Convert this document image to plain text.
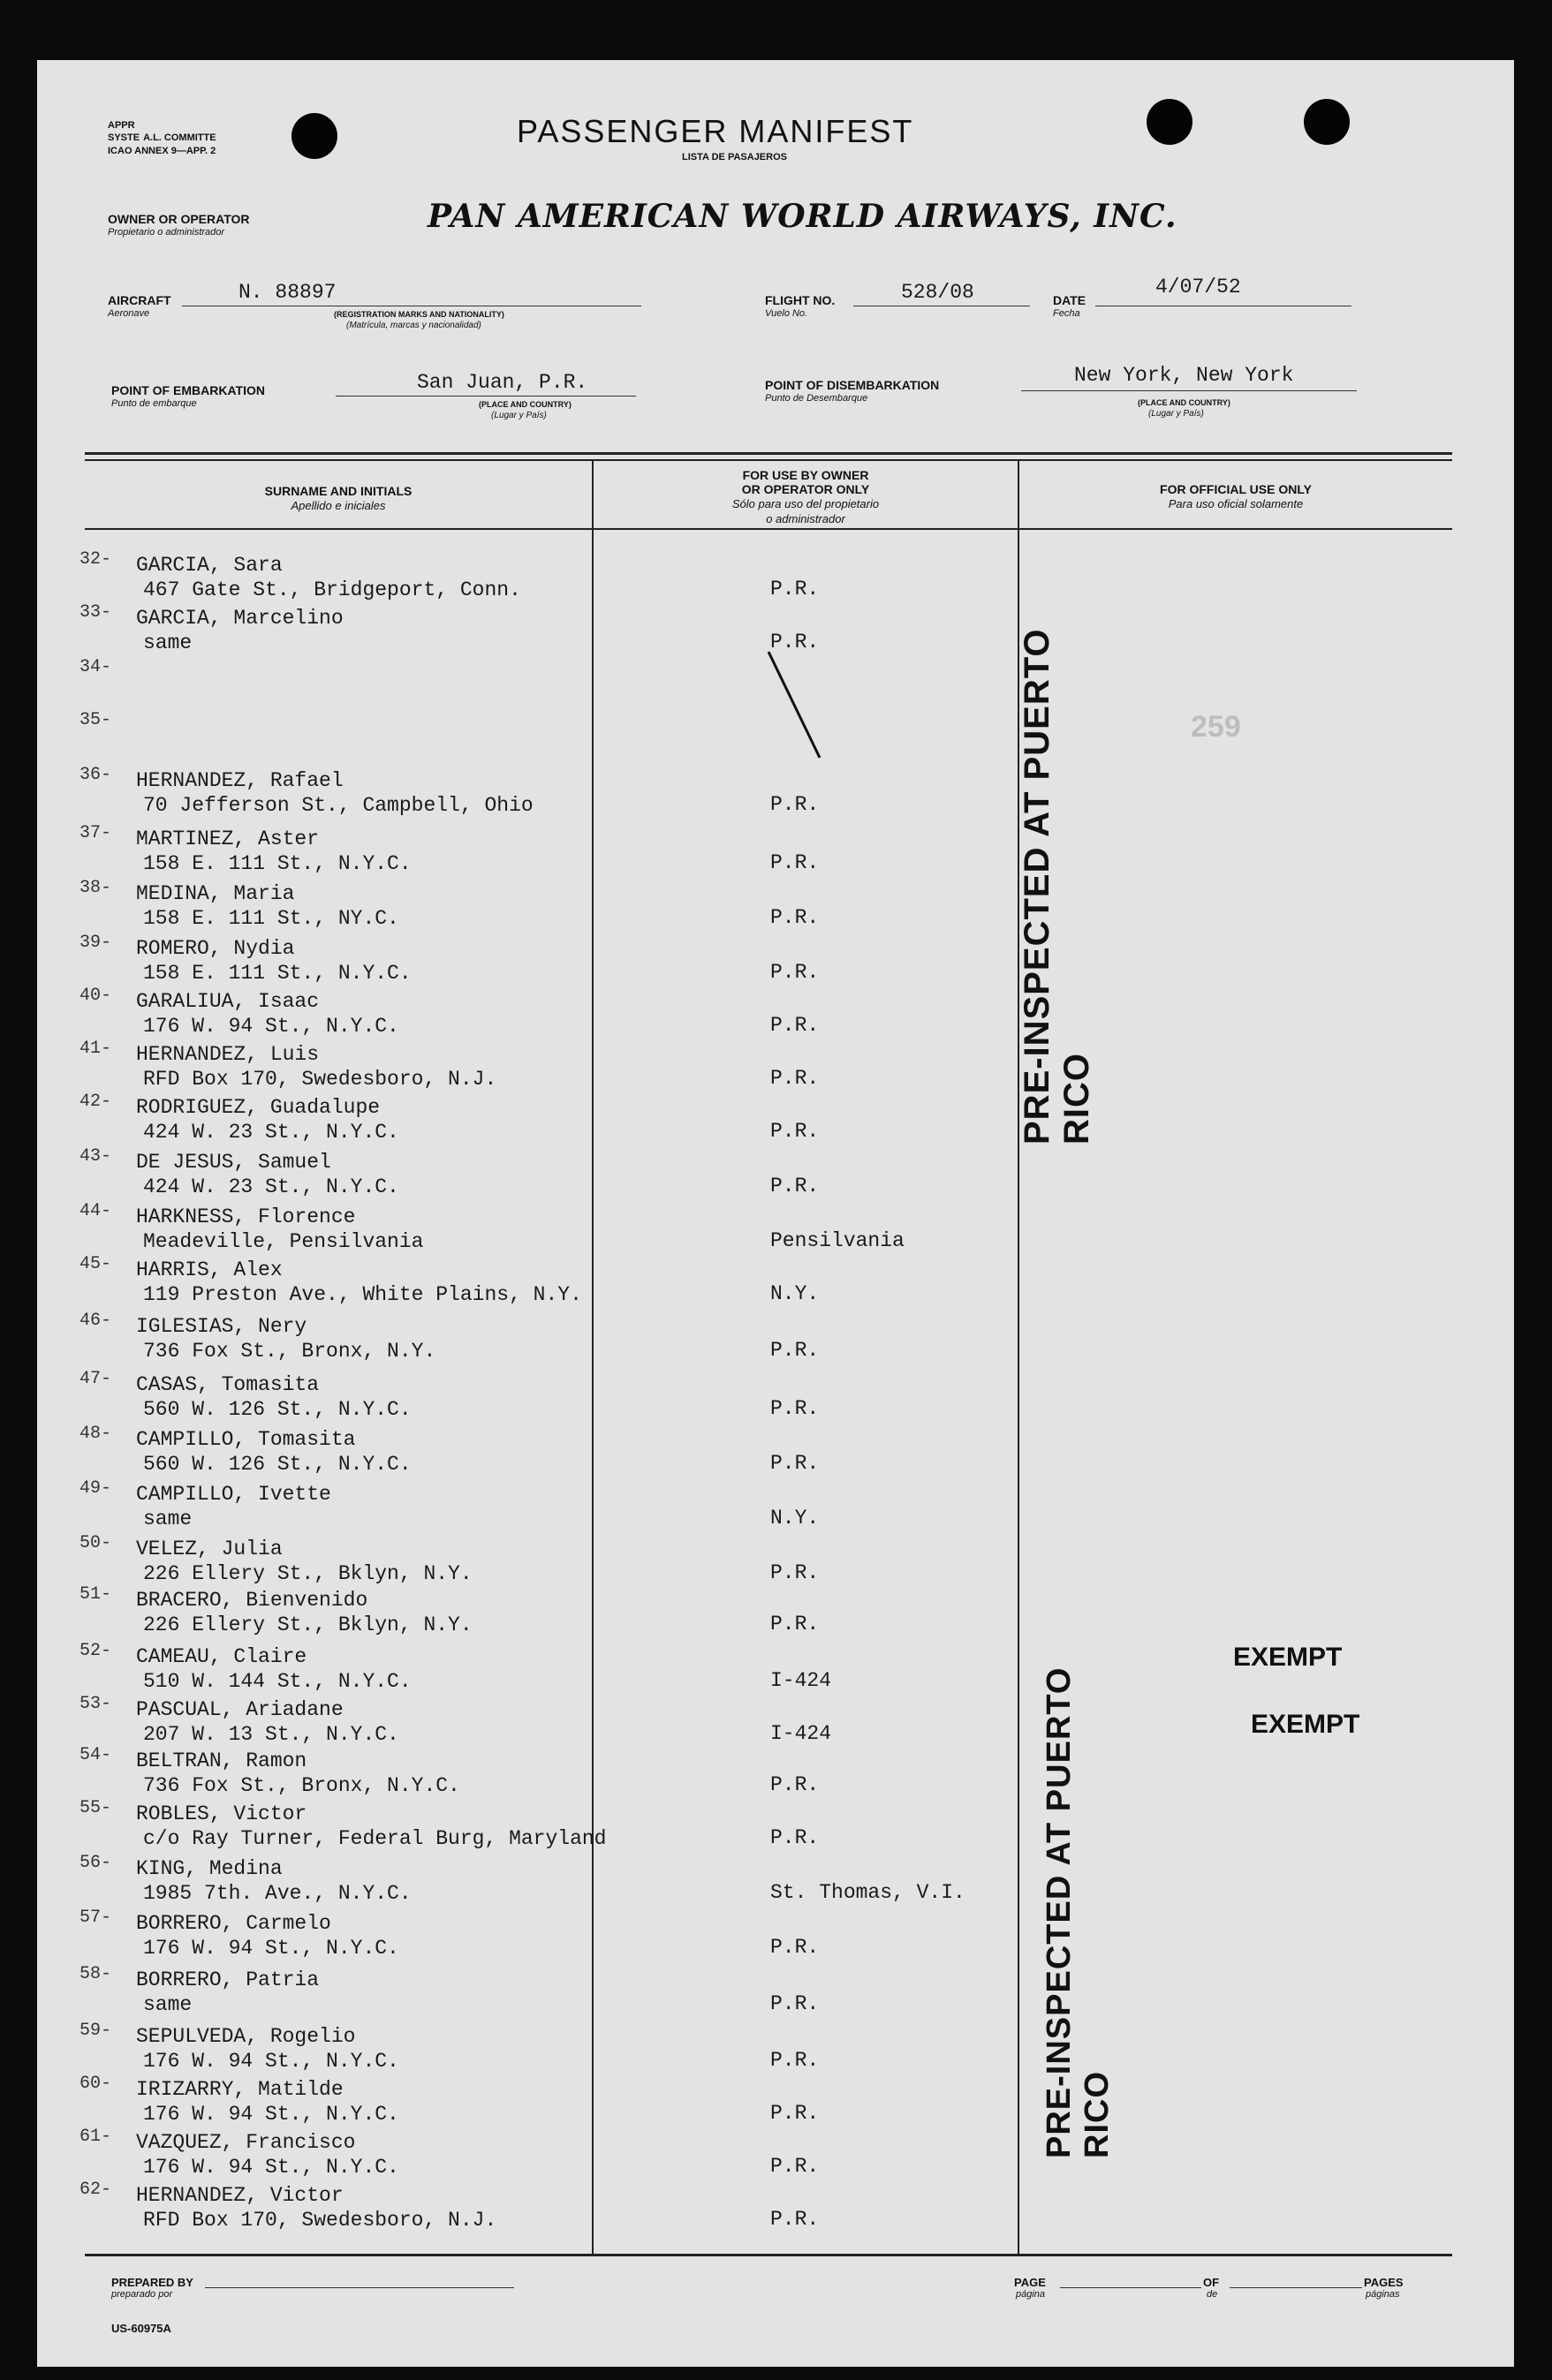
APPR
SYSTE A.L. COMMITTE
ICAO ANNEX 9—APP. 2
PASSENGER MANIFEST
LISTA DE PASAJEROS
OWNER OR OPERATOR
Propietario o administrador	PAN AMERICAN WORLD AIRWAYS, INC.
AIRCRAFT
Aeronave
N. 88897
(REGISTRATION MARKS AND NATIONALITY)
(Matrícula, marcas y nacionalidad)
FLIGHT NO.
Vuelo No.
528/08	DATE
Fecha
4/07/52
POINT OF EMBARKATION
Punto de embarque
San Juan, P.R.
(PLACE AND COUNTRY)
(Lugar y País)
POINT OF DISEMBARKATION
Punto de Desembarque
New York, New York
(PLACE AND COUNTRY)
(Lugar y País)
SURNAME AND INITIALS
Apellido e iniciales
FOR USE BY OWNER
OR OPERATOR ONLY
Sólo para uso del propietario
o administrador
FOR OFFICIAL USE ONLY
Para uso oficial solamente
259
32- GARCIA, Sara
467 Gate St., Bridgeport, Conn.	P.R.
33- GARCIA, Marcelino
same	P.R.
34-
35-
36- HERNANDEZ, Rafael
70 Jefferson St., Campbell, Ohio	P.R.
37- MARTINEZ, Aster
158 E. 111 St., N.Y.C.	P.R.
38- MEDINA, Maria
158 E. 111 St., NY.C.	P.R.
39- ROMERO, Nydia
158 E. 111 St., N.Y.C.	P.R.
40- GARALIUA, Isaac
176 W. 94 St., N.Y.C.	P.R.
41- HERNANDEZ, Luis
RFD Box 170, Swedesboro, N.J.	P.R.
42- RODRIGUEZ, Guadalupe
424 W. 23 St., N.Y.C.	P.R.
43- DE JESUS, Samuel
424 W. 23 St., N.Y.C.	P.R.
44- HARKNESS, Florence
Meadeville, Pensilvania	Pensilvania
45- HARRIS, Alex
119 Preston Ave., White Plains, N.Y.	N.Y.
46- IGLESIAS, Nery
736 Fox St., Bronx, N.Y.	P.R.
47- CASAS, Tomasita
560 W. 126 St., N.Y.C.	P.R.
48- CAMPILLO, Tomasita
560 W. 126 St., N.Y.C.	P.R.
49- CAMPILLO, Ivette
same	N.Y.
50- VELEZ, Julia
226 Ellery St., Bklyn, N.Y.	P.R.
51- BRACERO, Bienvenido
226 Ellery St., Bklyn, N.Y.	P.R.
52- CAMEAU, Claire
510 W. 144 St., N.Y.C.	I-424
53- PASCUAL, Ariadane
207 W. 13 St., N.Y.C.	I-424
54- BELTRAN, Ramon
736 Fox St., Bronx, N.Y.C.	P.R.
55- ROBLES, Victor
c/o Ray Turner, Federal Burg, Maryland	P.R.
56- KING, Medina
1985 7th. Ave., N.Y.C.	St. Thomas, V.I.
57- BORRERO, Carmelo
176 W. 94 St., N.Y.C.	P.R.
58- BORRERO, Patria
same	P.R.
59- SEPULVEDA, Rogelio
176 W. 94 St., N.Y.C.	P.R.
60- IRIZARRY, Matilde
176 W. 94 St., N.Y.C.	P.R.
61- VAZQUEZ, Francisco
176 W. 94 St., N.Y.C.	P.R.
62- HERNANDEZ, Victor
RFD Box 170, Swedesboro, N.J.	P.R.
PRE-INSPECTED AT PUERTO RICO
PRE-INSPECTED AT PUERTO RICO
EXEMPT
EXEMPT
PREPARED BY
preparado por
US-60975A
PAGE
página
OF
de
PAGES
páginas
